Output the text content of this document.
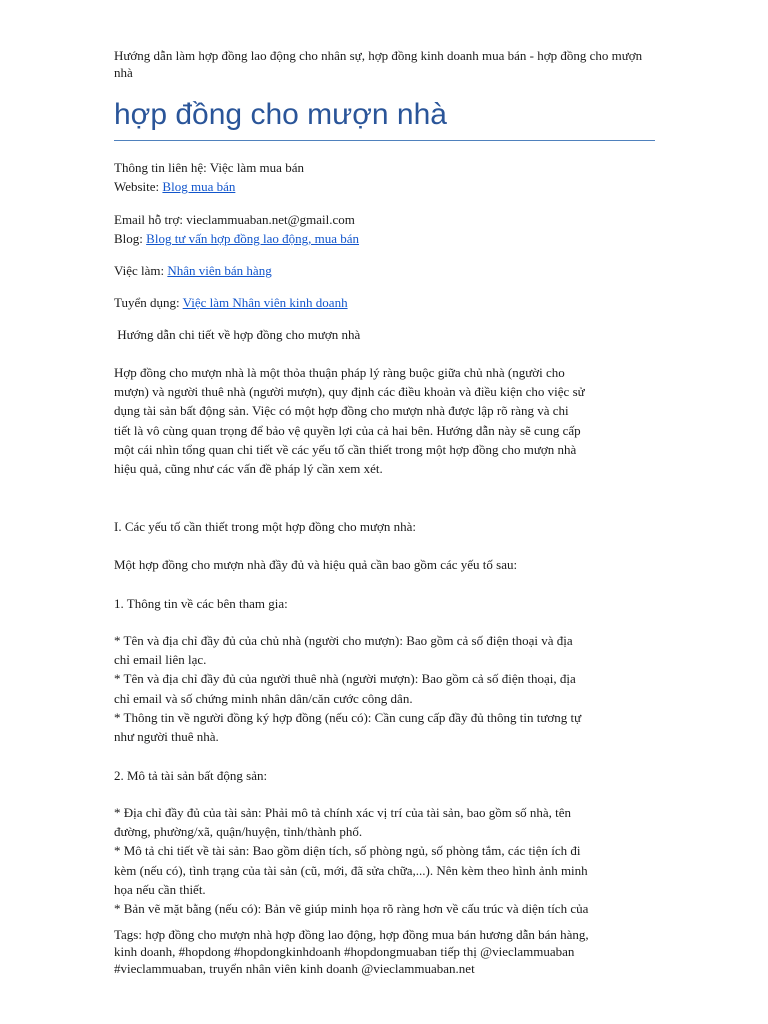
Hướng dẫn làm hợp đồng lao động cho nhân sự, hợp đồng kinh doanh mua bán - hợp đồng cho mượn nhà
hợp đồng cho mượn nhà
Thông tin liên hệ: Việc làm mua bán
Website: Blog mua bán
Email hỗ trợ: vieclammuaban.net@gmail.com
Blog: Blog tư vấn hợp đồng lao động, mua bán
Việc làm: Nhân viên bán hàng
Tuyển dụng: Việc làm Nhân viên kinh doanh
Hướng dẫn chi tiết về hợp đồng cho mượn nhà
Hợp đồng cho mượn nhà là một thỏa thuận pháp lý ràng buộc giữa chủ nhà (người cho
mượn) và người thuê nhà (người mượn), quy định các điều khoản và điều kiện cho việc sử
dụng tài sản bất động sản. Việc có một hợp đồng cho mượn nhà được lập rõ ràng và chi
tiết là vô cùng quan trọng để bảo vệ quyền lợi của cả hai bên. Hướng dẫn này sẽ cung cấp
một cái nhìn tổng quan chi tiết về các yếu tố cần thiết trong một hợp đồng cho mượn nhà
hiệu quả, cũng như các vấn đề pháp lý cần xem xét.
I. Các yếu tố cần thiết trong một hợp đồng cho mượn nhà:
Một hợp đồng cho mượn nhà đầy đủ và hiệu quả cần bao gồm các yếu tố sau:
1. Thông tin về các bên tham gia:
* Tên và địa chỉ đầy đủ của chủ nhà (người cho mượn): Bao gồm cả số điện thoại và địa
chỉ email liên lạc.
* Tên và địa chỉ đầy đủ của người thuê nhà (người mượn): Bao gồm cả số điện thoại, địa
chỉ email và số chứng minh nhân dân/căn cước công dân.
* Thông tin về người đồng ký hợp đồng (nếu có): Cần cung cấp đầy đủ thông tin tương tự
như người thuê nhà.
2. Mô tả tài sản bất động sản:
* Địa chỉ đầy đủ của tài sản: Phải mô tả chính xác vị trí của tài sản, bao gồm số nhà, tên
đường, phường/xã, quận/huyện, tỉnh/thành phố.
* Mô tả chi tiết về tài sản: Bao gồm diện tích, số phòng ngủ, số phòng tắm, các tiện ích đi
kèm (nếu có), tình trạng của tài sản (cũ, mới, đã sửa chữa,...). Nên kèm theo hình ảnh minh
họa nếu cần thiết.
* Bản vẽ mặt bằng (nếu có): Bản vẽ giúp minh họa rõ ràng hơn về cấu trúc và diện tích của
Tags: hợp đồng cho mượn nhà hợp đồng lao động, hợp đồng mua bán hương dẫn bán hàng,
kinh doanh, #hopdong #hopdongkinhdoanh #hopdongmuaban tiếp thị @vieclammuaban
#vieclammuaban, truyển nhân viên kinh doanh @vieclammuaban.net
